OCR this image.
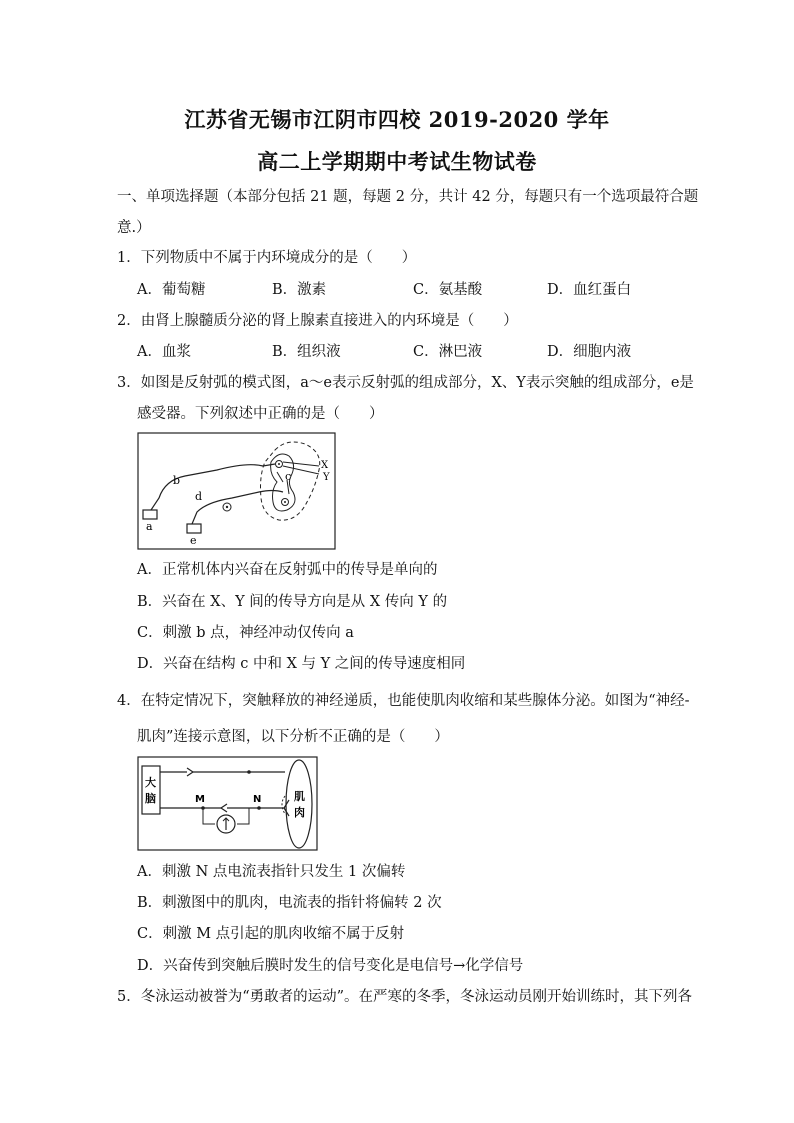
江苏省无锡市江阴市四校 2019-2020 学年
高二上学期期中考试生物试卷
一、单项选择题（本部分包括 21 题，每题 2 分，共计 42 分，每题只有一个选项最符合题
意.）
1．下列物质中不属于内环境成分的是（　　）
A．葡萄糖	B．激素	C．氨基酸	D．血红蛋白
2．由肾上腺髓质分泌的肾上腺素直接进入的内环境是（　　）
A．血浆	B．组织液	C．淋巴液	D．细胞内液
3．如图是反射弧的模式图，a～e表示反射弧的组成部分，X、Y表示突触的组成部分，e是
感受器。下列叙述中正确的是（　　）
b
d
a
e
c
X
Y
A．正常机体内兴奋在反射弧中的传导是单向的
B．兴奋在 X、Y 间的传导方向是从 X 传向 Y 的
C．刺激 b 点，神经冲动仅传向 a
D．兴奋在结构 c 中和 X 与 Y 之间的传导速度相同
4．在特定情况下，突触释放的神经递质，也能使肌肉收缩和某些腺体分泌。如图为“神经-
肌肉”连接示意图，以下分析不正确的是（　　）
大
脑	M	N	肌
肉
A．刺激 N 点电流表指针只发生 1 次偏转
B．刺激图中的肌肉，电流表的指针将偏转 2 次
C．刺激 M 点引起的肌肉收缩不属于反射
D．兴奋传到突触后膜时发生的信号变化是电信号→化学信号
5．冬泳运动被誉为“勇敢者的运动”。在严寒的冬季，冬泳运动员刚开始训练时，其下列各
